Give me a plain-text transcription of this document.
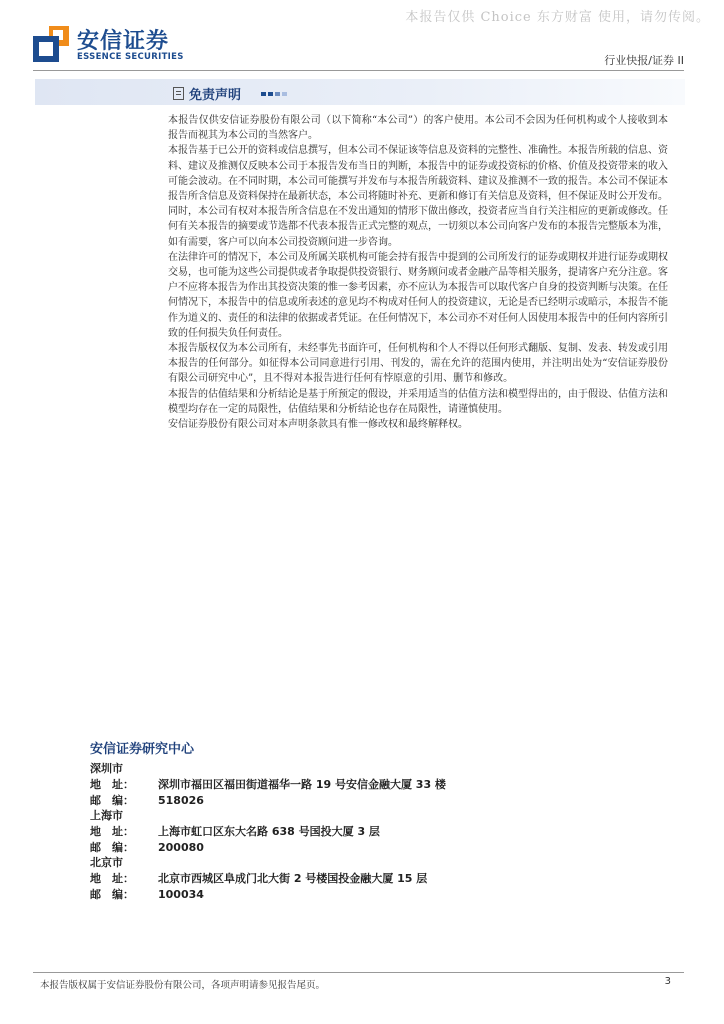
本报告仅供 Choice 东方财富 使用，请勿传阅。
安信证券
ESSENCE SECURITIES	行业快报/证券 II
免责声明

本报告仅供安信证券股份有限公司（以下简称“本公司”）的客户使用。本公司不会因为任何机构或个人接收到本报告而视其为本公司的当然客户。

本报告基于已公开的资料或信息撰写，但本公司不保证该等信息及资料的完整性、准确性。本报告所载的信息、资料、建议及推测仅反映本公司于本报告发布当日的判断，本报告中的证券或投资标的价格、价值及投资带来的收入可能会波动。在不同时期，本公司可能撰写并发布与本报告所载资料、建议及推测不一致的报告。本公司不保证本报告所含信息及资料保持在最新状态，本公司将随时补充、更新和修订有关信息及资料，但不保证及时公开发布。同时，本公司有权对本报告所含信息在不发出通知的情形下做出修改，投资者应当自行关注相应的更新或修改。任何有关本报告的摘要或节选都不代表本报告正式完整的观点，一切须以本公司向客户发布的本报告完整版本为准，如有需要，客户可以向本公司投资顾问进一步咨询。

在法律许可的情况下，本公司及所属关联机构可能会持有报告中提到的公司所发行的证券或期权并进行证券或期权交易，也可能为这些公司提供或者争取提供投资银行、财务顾问或者金融产品等相关服务，提请客户充分注意。客户不应将本报告为作出其投资决策的惟一参考因素，亦不应认为本报告可以取代客户自身的投资判断与决策。在任何情况下，本报告中的信息或所表述的意见均不构成对任何人的投资建议，无论是否已经明示或暗示，本报告不能作为道义的、责任的和法律的依据或者凭证。在任何情况下，本公司亦不对任何人因使用本报告中的任何内容所引致的任何损失负任何责任。

本报告版权仅为本公司所有，未经事先书面许可，任何机构和个人不得以任何形式翻版、复制、发表、转发或引用本报告的任何部分。如征得本公司同意进行引用、刊发的，需在允许的范围内使用，并注明出处为“安信证券股份有限公司研究中心”，且不得对本报告进行任何有悖原意的引用、删节和修改。

本报告的估值结果和分析结论是基于所预定的假设，并采用适当的估值方法和模型得出的，由于假设、估值方法和模型均存在一定的局限性，估值结果和分析结论也存在局限性，请谨慎使用。

安信证券股份有限公司对本声明条款具有惟一修改权和最终解释权。

安信证券研究中心
深圳市
地　址：	深圳市福田区福田街道福华一路 19 号安信金融大厦 33 楼
邮　编：	518026
上海市
地　址：	上海市虹口区东大名路 638 号国投大厦 3 层
邮　编：	200080
北京市
地　址：	北京市西城区阜成门北大街 2 号楼国投金融大厦 15 层
邮　编：	100034
本报告版权属于安信证券股份有限公司，各项声明请参见报告尾页。	3
